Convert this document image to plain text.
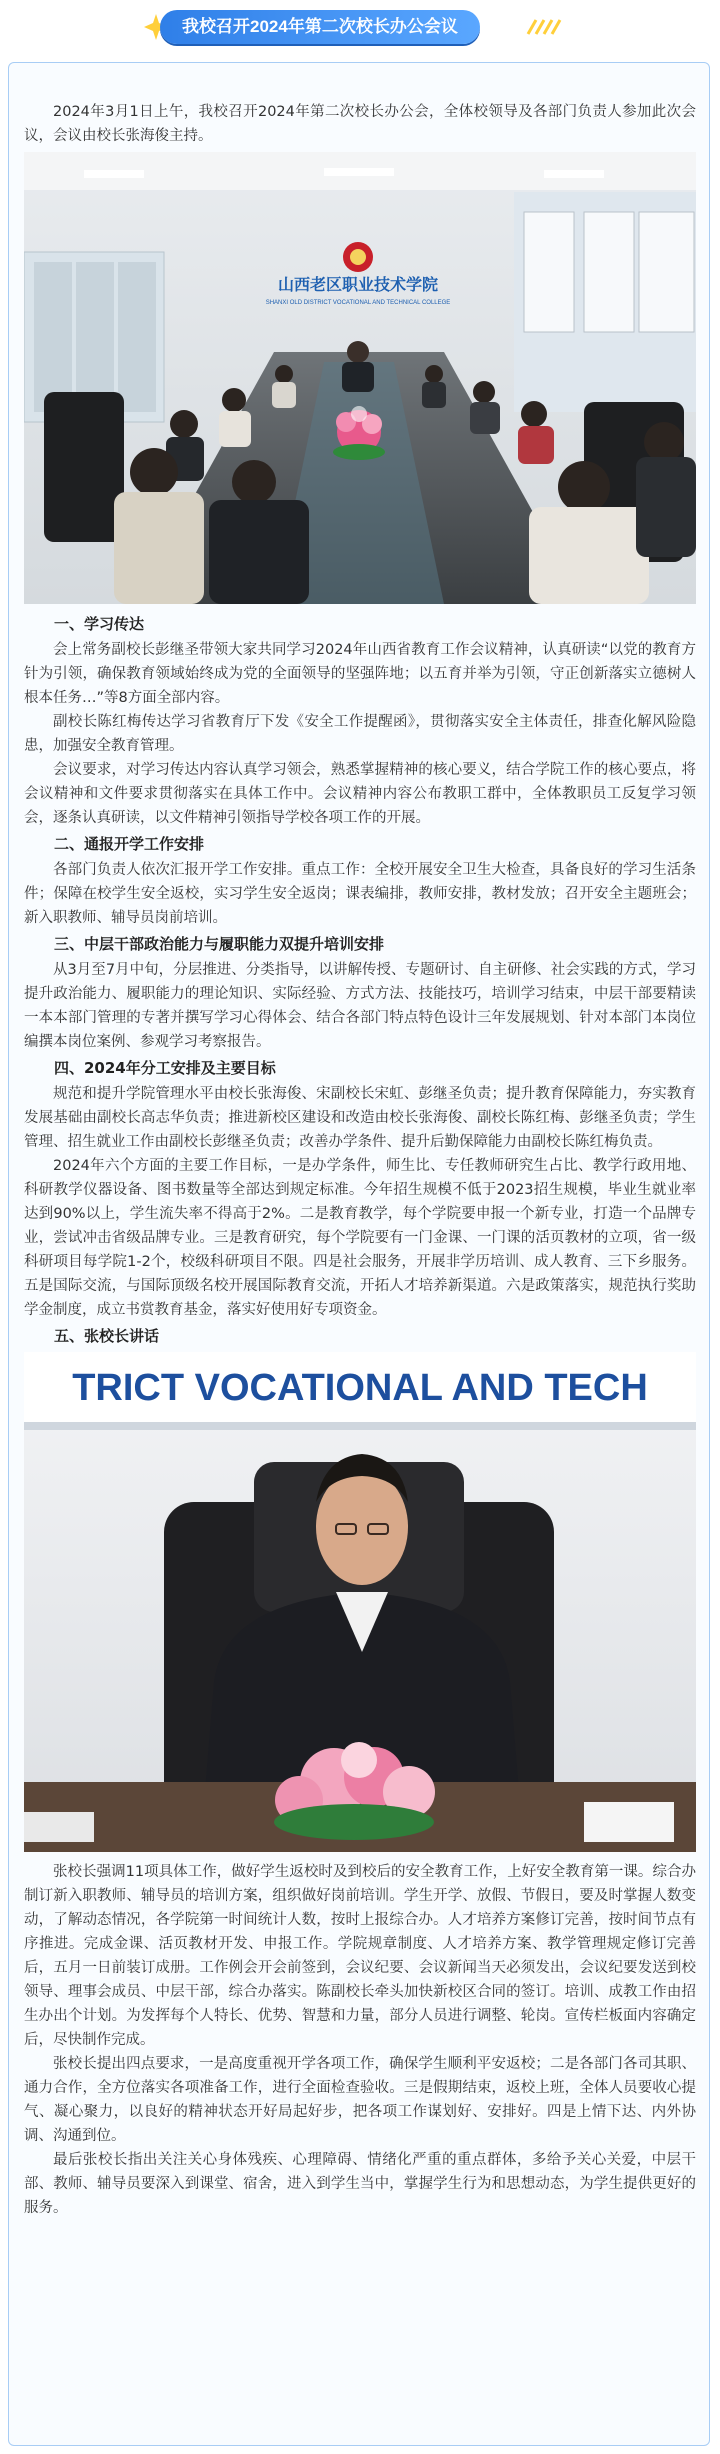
我校召开2024年第二次校长办公会议

2024年3月1日上午，我校召开2024年第二次校长办公会，全体校领导及各部门负责人参加此次会议，会议由校长张海俊主持。

山西老区职业技术学院
SHANXI OLD DISTRICT VOCATIONAL AND TECHNICAL COLLEGE
一、学习传达

会上常务副校长彭继圣带领大家共同学习2024年山西省教育工作会议精神，认真研读“以党的教育方针为引领，确保教育领域始终成为党的全面领导的坚强阵地；以五育并举为引领，守正创新落实立德树人根本任务…”等8方面全部内容。

副校长陈红梅传达学习省教育厅下发《安全工作提醒函》，贯彻落实安全主体责任，排查化解风险隐患，加强安全教育管理。

会议要求，对学习传达内容认真学习领会，熟悉掌握精神的核心要义，结合学院工作的核心要点，将会议精神和文件要求贯彻落实在具体工作中。会议精神内容公布教职工群中，全体教职员工反复学习领会，逐条认真研读，以文件精神引领指导学校各项工作的开展。

二、通报开学工作安排

各部门负责人依次汇报开学工作安排。重点工作：全校开展安全卫生大检查，具备良好的学习生活条件；保障在校学生安全返校，实习学生安全返岗；课表编排，教师安排，教材发放；召开安全主题班会；新入职教师、辅导员岗前培训。

三、中层干部政治能力与履职能力双提升培训安排

从3月至7月中旬，分层推进、分类指导，以讲解传授、专题研讨、自主研修、社会实践的方式，学习提升政治能力、履职能力的理论知识、实际经验、方式方法、技能技巧，培训学习结束，中层干部要精读一本本部门管理的专著并撰写学习心得体会、结合各部门特点特色设计三年发展规划、针对本部门本岗位编撰本岗位案例、参观学习考察报告。

四、2024年分工安排及主要目标

规范和提升学院管理水平由校长张海俊、宋副校长宋虹、彭继圣负责；提升教育保障能力，夯实教育发展基础由副校长高志华负责；推进新校区建设和改造由校长张海俊、副校长陈红梅、彭继圣负责；学生管理、招生就业工作由副校长彭继圣负责；改善办学条件、提升后勤保障能力由副校长陈红梅负责。

2024年六个方面的主要工作目标，一是办学条件，师生比、专任教师研究生占比、教学行政用地、科研教学仪器设备、图书数量等全部达到规定标准。今年招生规模不低于2023招生规模，毕业生就业率达到90%以上，学生流失率不得高于2%。二是教育教学，每个学院要申报一个新专业，打造一个品牌专业，尝试冲击省级品牌专业。三是教育研究，每个学院要有一门金课、一门课的活页教材的立项，省一级科研项目每学院1-2个，校级科研项目不限。四是社会服务，开展非学历培训、成人教育、三下乡服务。五是国际交流，与国际顶级名校开展国际教育交流，开拓人才培养新渠道。六是政策落实，规范执行奖助学金制度，成立书赏教育基金，落实好使用好专项资金。

五、张校长讲话
TRICT VOCATIONAL AND TECH

张校长强调11项具体工作，做好学生返校时及到校后的安全教育工作，上好安全教育第一课。综合办制订新入职教师、辅导员的培训方案，组织做好岗前培训。学生开学、放假、节假日，要及时掌握人数变动，了解动态情况，各学院第一时间统计人数，按时上报综合办。人才培养方案修订完善，按时间节点有序推进。完成金课、活页教材开发、申报工作。学院规章制度、人才培养方案、教学管理规定修订完善后，五月一日前装订成册。工作例会开会前签到，会议纪要、会议新闻当天必须发出，会议纪要发送到校领导、理事会成员、中层干部，综合办落实。陈副校长牵头加快新校区合同的签订。培训、成教工作由招生办出个计划。为发挥每个人特长、优势、智慧和力量，部分人员进行调整、轮岗。宣传栏板面内容确定后，尽快制作完成。

张校长提出四点要求，一是高度重视开学各项工作，确保学生顺利平安返校；二是各部门各司其职、通力合作，全方位落实各项准备工作，进行全面检查验收。三是假期结束，返校上班，全体人员要收心提气、凝心聚力，以良好的精神状态开好局起好步，把各项工作谋划好、安排好。四是上情下达、内外协调、沟通到位。

最后张校长指出关注关心身体残疾、心理障碍、情绪化严重的重点群体，多给予关心关爱，中层干部、教师、辅导员要深入到课堂、宿舍，进入到学生当中，掌握学生行为和思想动态，为学生提供更好的服务。
